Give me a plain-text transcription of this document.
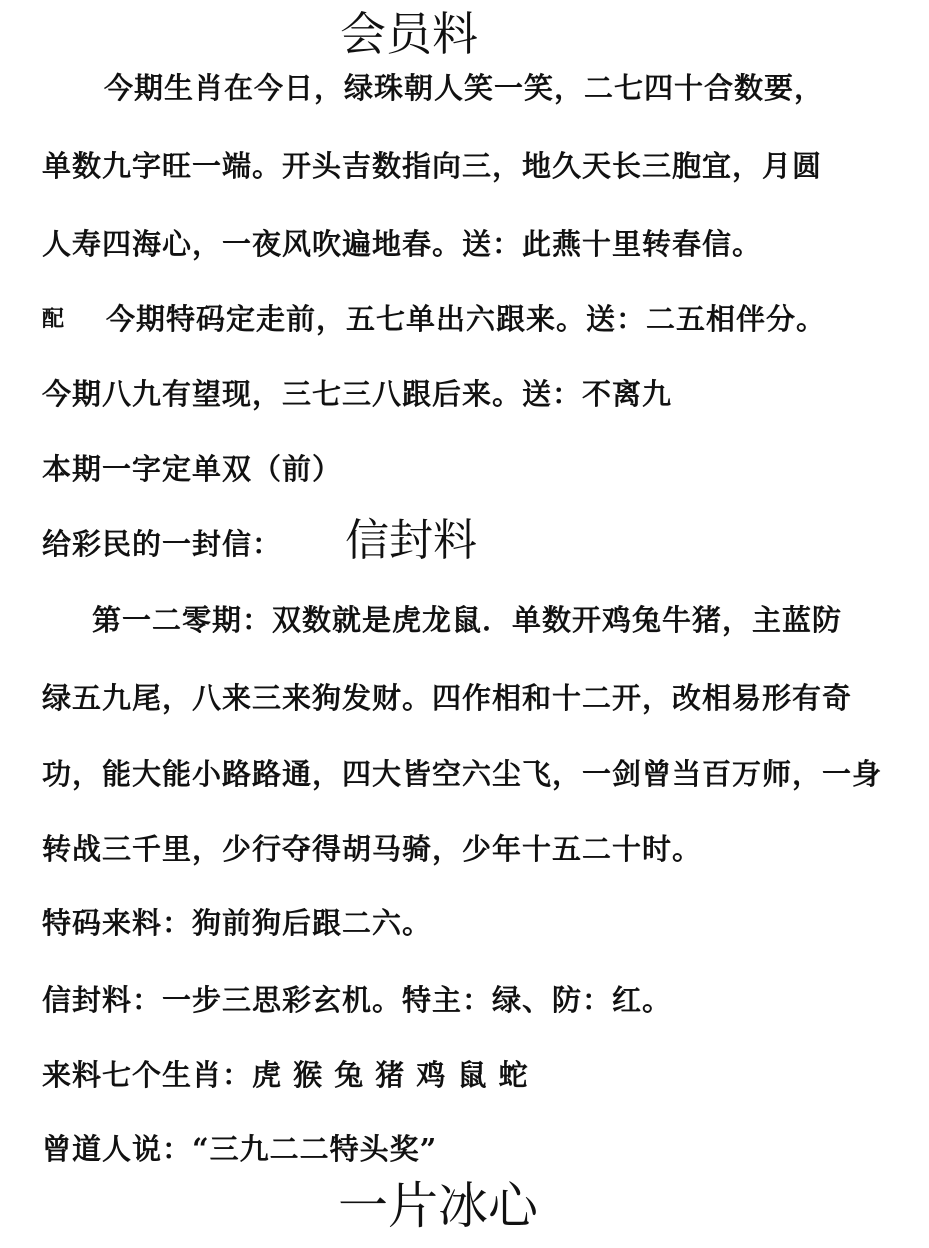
会员料
今期生肖在今日，绿珠朝人笑一笑，二七四十合数要，
单数九字旺一端。开头吉数指向三，地久天长三胞宜，月圆
人寿四海心，一夜风吹遍地春。送：此燕十里转春信。
配 今期特码定走前，五七单出六跟来。送：二五相伴分。
今期八九有望现，三七三八跟后来。送：不离九
本期一字定单双（前）
给彩民的一封信： 信封料
第一二零期：双数就是虎龙鼠．单数开鸡兔牛猪，主蓝防
绿五九尾，八来三来狗发财。四作相和十二开，改相易形有奇
功，能大能小路路通，四大皆空六尘飞，一剑曾当百万师，一身
转战三千里，少行夺得胡马骑，少年十五二十时。
特码来料：狗前狗后跟二六。
信封料：一步三思彩玄机。特主：绿、防：红。
来料七个生肖：虎 猴 兔 猪 鸡 鼠 蛇
曾道人说：“三九二二特头奖”
一片冰心
